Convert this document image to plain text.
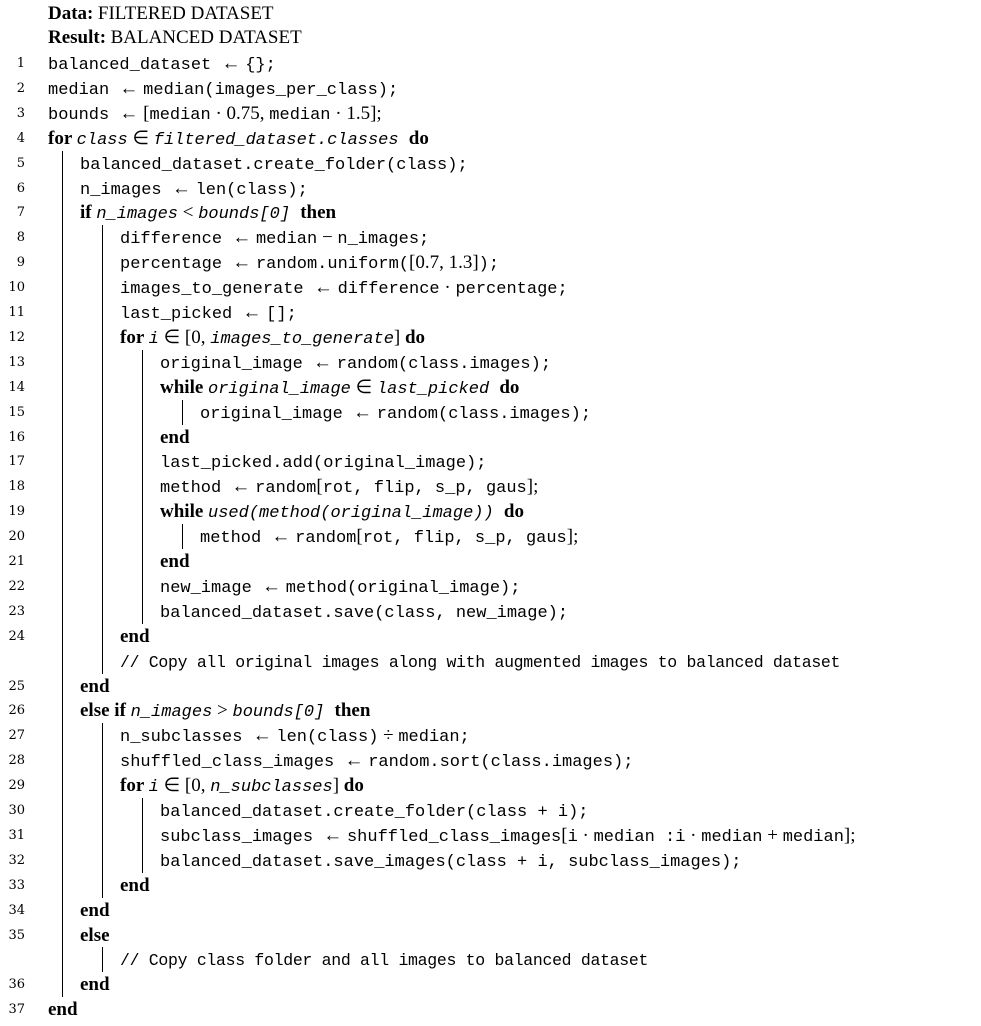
Data: FILTERED DATASET

Result: BALANCED DATASET

1 balanced_dataset ← {};
2 median ← median(images_per_class);
3 bounds ← [median · 0.75, median · 1.5];
4 for class ∈ filtered_dataset.classes do
5	balanced_dataset.create_folder(class);
6	n_images ← len(class);
7	if n_images < bounds[0] then
8	difference ← median − n_images;
9	percentage ← random.uniform([0.7, 1.3]);
10	images_to_generate ← difference · percentage;
11	last_picked ← [];
12	for i ∈ [0, images_to_generate] do
13	original_image ← random(class.images);
14	while original_image ∈ last_picked do
15	original_image ← random(class.images);
16	end
17	last_picked.add(original_image);
18	method ← random[rot, flip, s_p, gaus];
19	while used(method(original_image)) do
20	method ← random[rot, flip, s_p, gaus];
21	end
22	new_image ← method(original_image);
23	balanced_dataset.save(class, new_image);
24	end
// Copy all original images along with augmented images to balanced dataset
25	end
26	else if n_images > bounds[0] then
27	n_subclasses ← len(class) ÷ median;
28	shuffled_class_images ← random.sort(class.images);
29	for i ∈ [0, n_subclasses] do
30	balanced_dataset.create_folder(class + i);
31	subclass_images ← shuffled_class_images[i · median :i · median + median];
32	balanced_dataset.save_images(class + i, subclass_images);
33	end
34	end
35	else
// Copy class folder and all images to balanced dataset
36	end
37 end
